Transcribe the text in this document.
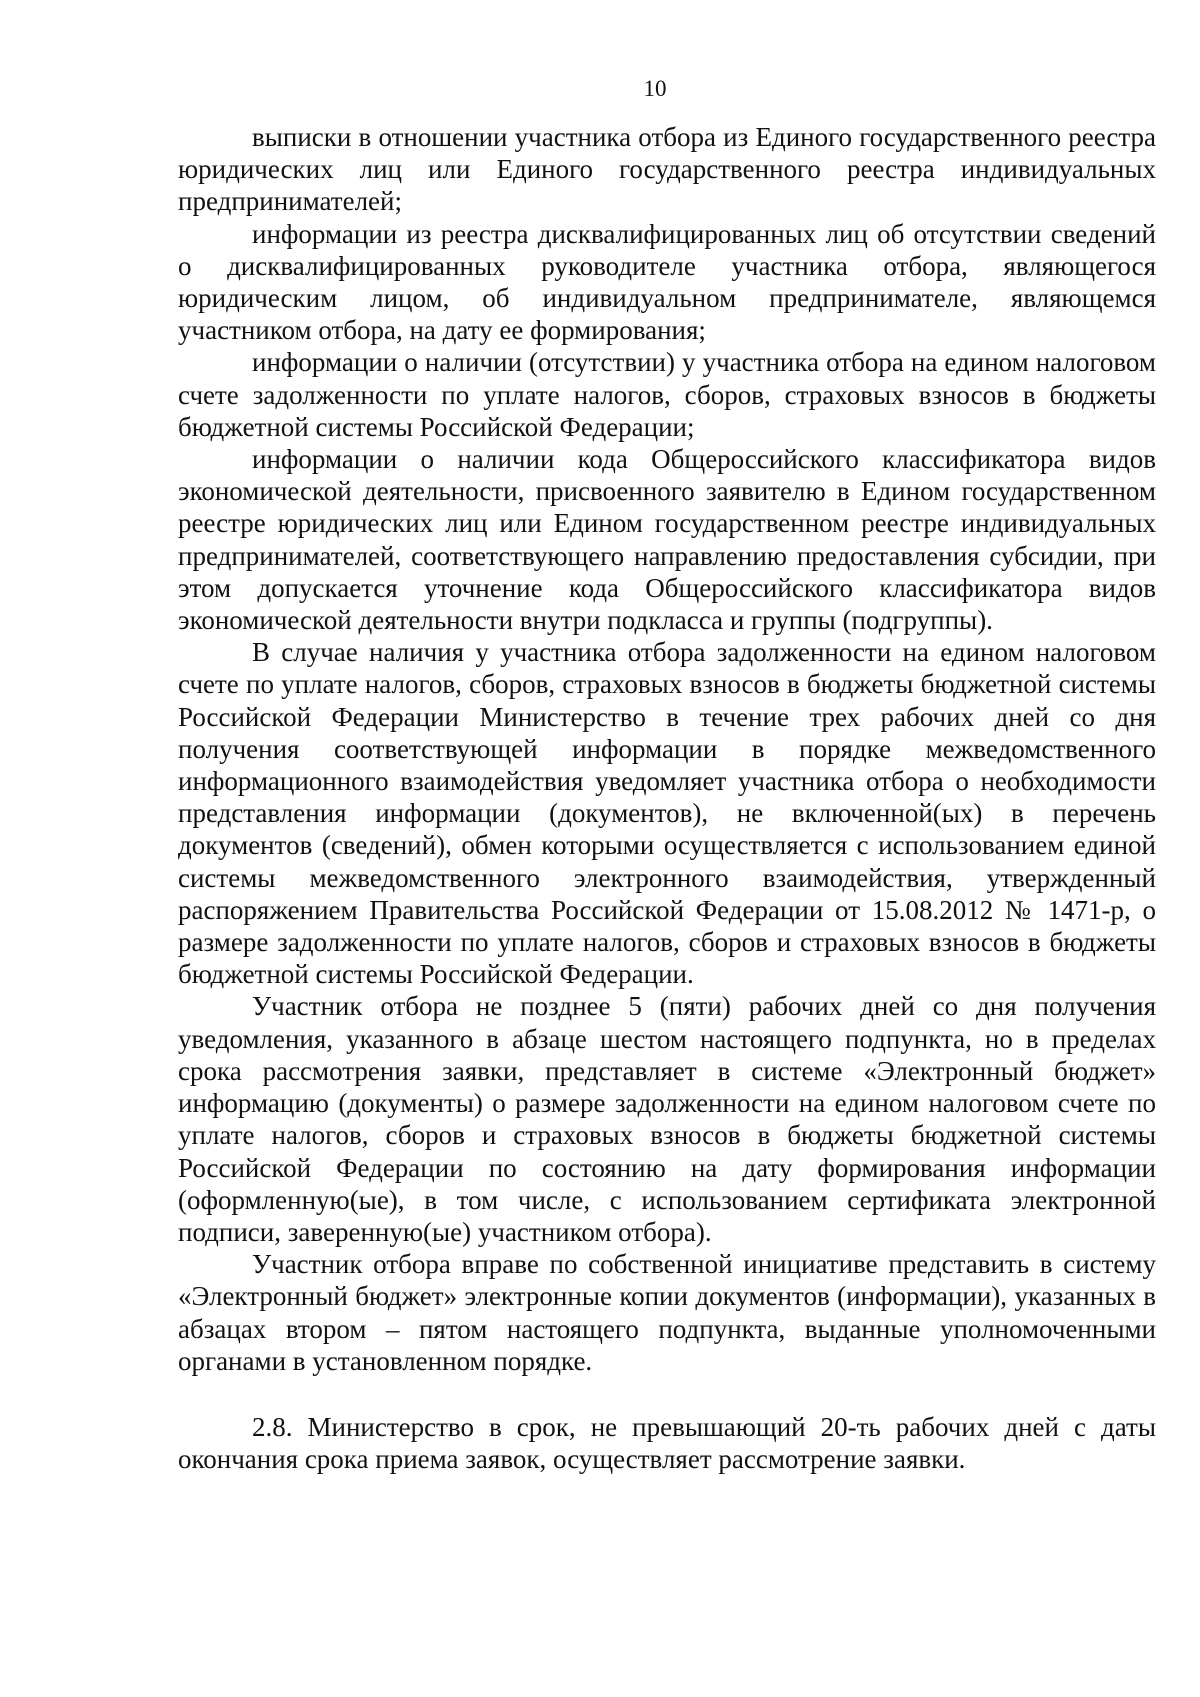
10

выписки в отношении участника отбора из Единого государственного реестра юридических лиц или Единого государственного реестра индивидуальных предпринимателей;

информации из реестра дисквалифицированных лиц об отсутствии сведений о дисквалифицированных руководителе участника отбора, являющегося юридическим лицом, об индивидуальном предпринимателе, являющемся участником отбора, на дату ее формирования;

информации о наличии (отсутствии) у участника отбора на едином налоговом счете задолженности по уплате налогов, сборов, страховых взносов в бюджеты бюджетной системы Российской Федерации;

информации о наличии кода Общероссийского классификатора видов экономической деятельности, присвоенного заявителю в Едином государственном реестре юридических лиц или Едином государственном реестре индивидуальных предпринимателей, соответствующего направлению предоставления субсидии, при этом допускается уточнение кода Общероссийского классификатора видов экономической деятельности внутри подкласса и группы (подгруппы).

В случае наличия у участника отбора задолженности на едином налоговом счете по уплате налогов, сборов, страховых взносов в бюджеты бюджетной системы Российской Федерации Министерство в течение трех рабочих дней со дня получения соответствующей информации в порядке межведомственного информационного взаимодействия уведомляет участника отбора о необходимости представления информации (документов), не включенной(ых) в перечень документов (сведений), обмен которыми осуществляется с использованием единой системы межведомственного электронного взаимодействия, утвержденный распоряжением Правительства Российской Федерации от 15.08.2012 № 1471-р, о размере задолженности по уплате налогов, сборов и страховых взносов в бюджеты бюджетной системы Российской Федерации.

Участник отбора не позднее 5 (пяти) рабочих дней со дня получения уведомления, указанного в абзаце шестом настоящего подпункта, но в пределах срока рассмотрения заявки, представляет в системе «Электронный бюджет» информацию (документы) о размере задолженности на едином налоговом счете по уплате налогов, сборов и страховых взносов в бюджеты бюджетной системы Российской Федерации по состоянию на дату формирования информации (оформленную(ые), в том числе, с использованием сертификата электронной подписи, заверенную(ые) участником отбора).

Участник отбора вправе по собственной инициативе представить в систему «Электронный бюджет» электронные копии документов (информации), указанных в абзацах втором – пятом настоящего подпункта, выданные уполномоченными органами в установленном порядке.

2.8. Министерство в срок, не превышающий 20-ть рабочих дней с даты окончания срока приема заявок, осуществляет рассмотрение заявки.
